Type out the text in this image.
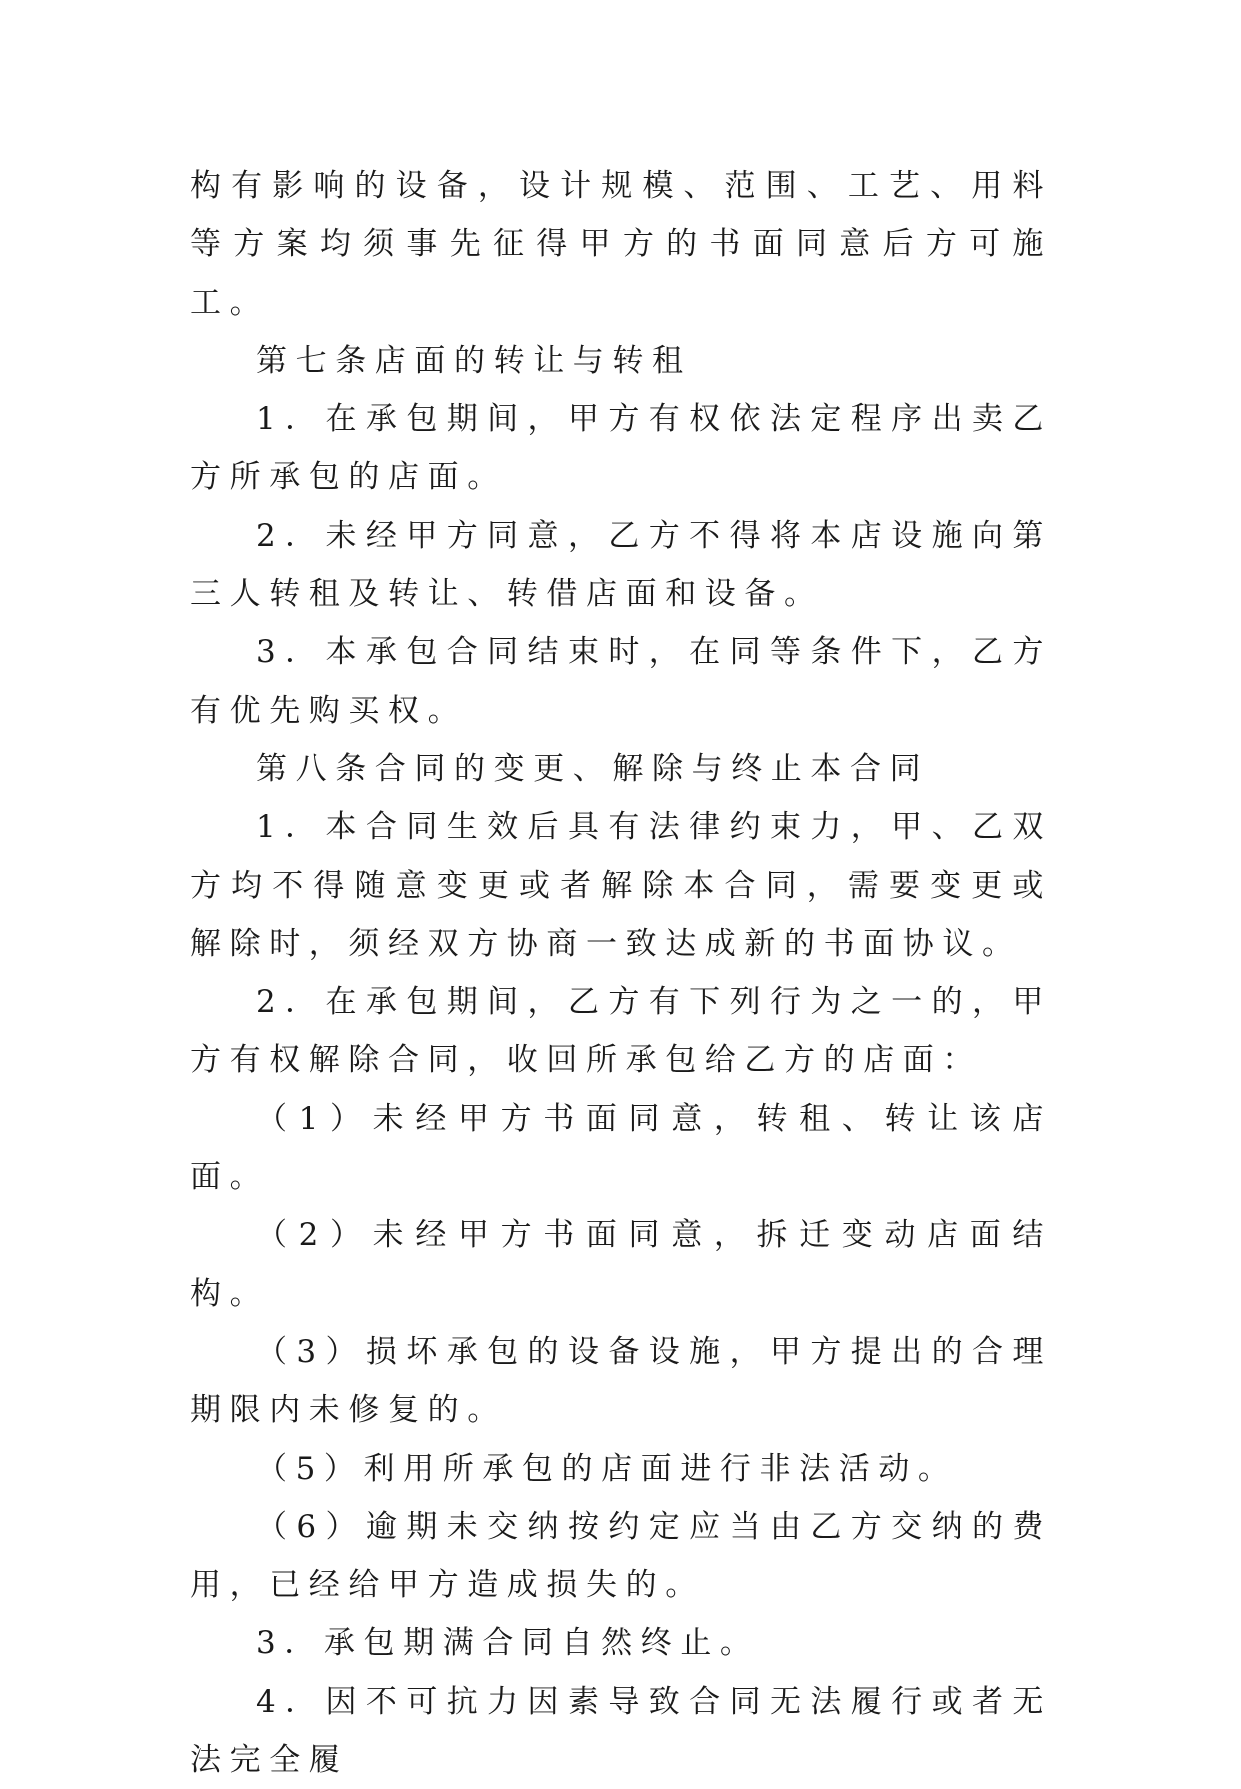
构有影响的设备，设计规模、范围、工艺、用料等方案均须事先征得甲方的书面同意后方可施工。

第七条店面的转让与转租

1．在承包期间，甲方有权依法定程序出卖乙方所承包的店面。

2．未经甲方同意，乙方不得将本店设施向第三人转租及转让、转借店面和设备。

3．本承包合同结束时，在同等条件下，乙方有优先购买权。

第八条合同的变更、解除与终止本合同

1．本合同生效后具有法律约束力，甲、乙双方均不得随意变更或者解除本合同，需要变更或解除时，须经双方协商一致达成新的书面协议。

2．在承包期间，乙方有下列行为之一的，甲方有权解除合同，收回所承包给乙方的店面：

（1）未经甲方书面同意，转租、转让该店面。

（2）未经甲方书面同意，拆迁变动店面结构。

（3）损坏承包的设备设施，甲方提出的合理期限内未修复的。

（5）利用所承包的店面进行非法活动。

（6）逾期未交纳按约定应当由乙方交纳的费用，已经给甲方造成损失的。

3．承包期满合同自然终止。

4．因不可抗力因素导致合同无法履行或者无法完全履
